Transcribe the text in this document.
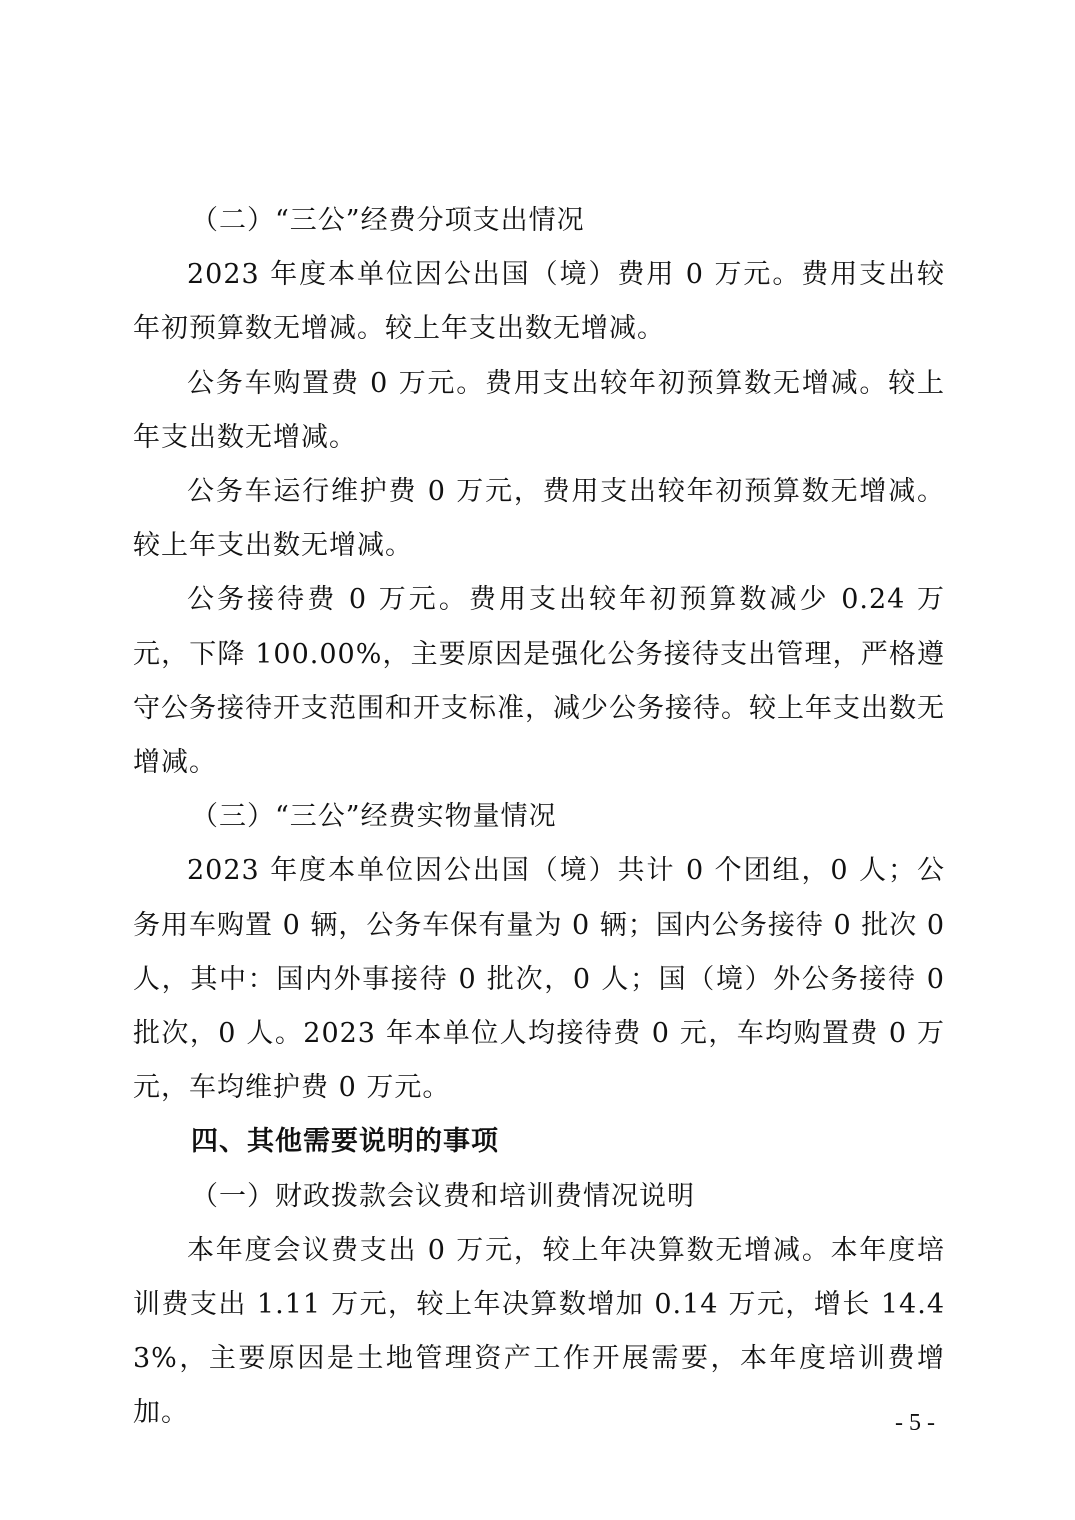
（二）“三公”经费分项支出情况

2023 年度本单位因公出国（境）费用 0 万元。费用支出较年初预算数无增减。较上年支出数无增减。

公务车购置费 0 万元。费用支出较年初预算数无增减。较上年支出数无增减。

公务车运行维护费 0 万元，费用支出较年初预算数无增减。较上年支出数无增减。

公务接待费 0 万元。费用支出较年初预算数减少 0.24 万元，下降 100.00%，主要原因是强化公务接待支出管理，严格遵守公务接待开支范围和开支标准，减少公务接待。较上年支出数无增减。

（三）“三公”经费实物量情况

2023 年度本单位因公出国（境）共计 0 个团组，0 人；公务用车购置 0 辆，公务车保有量为 0 辆；国内公务接待 0 批次 0 人，其中：国内外事接待 0 批次，0 人；国（境）外公务接待 0 批次，0 人。2023 年本单位人均接待费 0 元，车均购置费 0 万元，车均维护费 0 万元。

四、其他需要说明的事项

（一）财政拨款会议费和培训费情况说明

本年度会议费支出 0 万元，较上年决算数无增减。本年度培训费支出 1.11 万元，较上年决算数增加 0.14 万元，增长 14.43%，主要原因是土地管理资产工作开展需要，本年度培训费增加。	- 5 -
